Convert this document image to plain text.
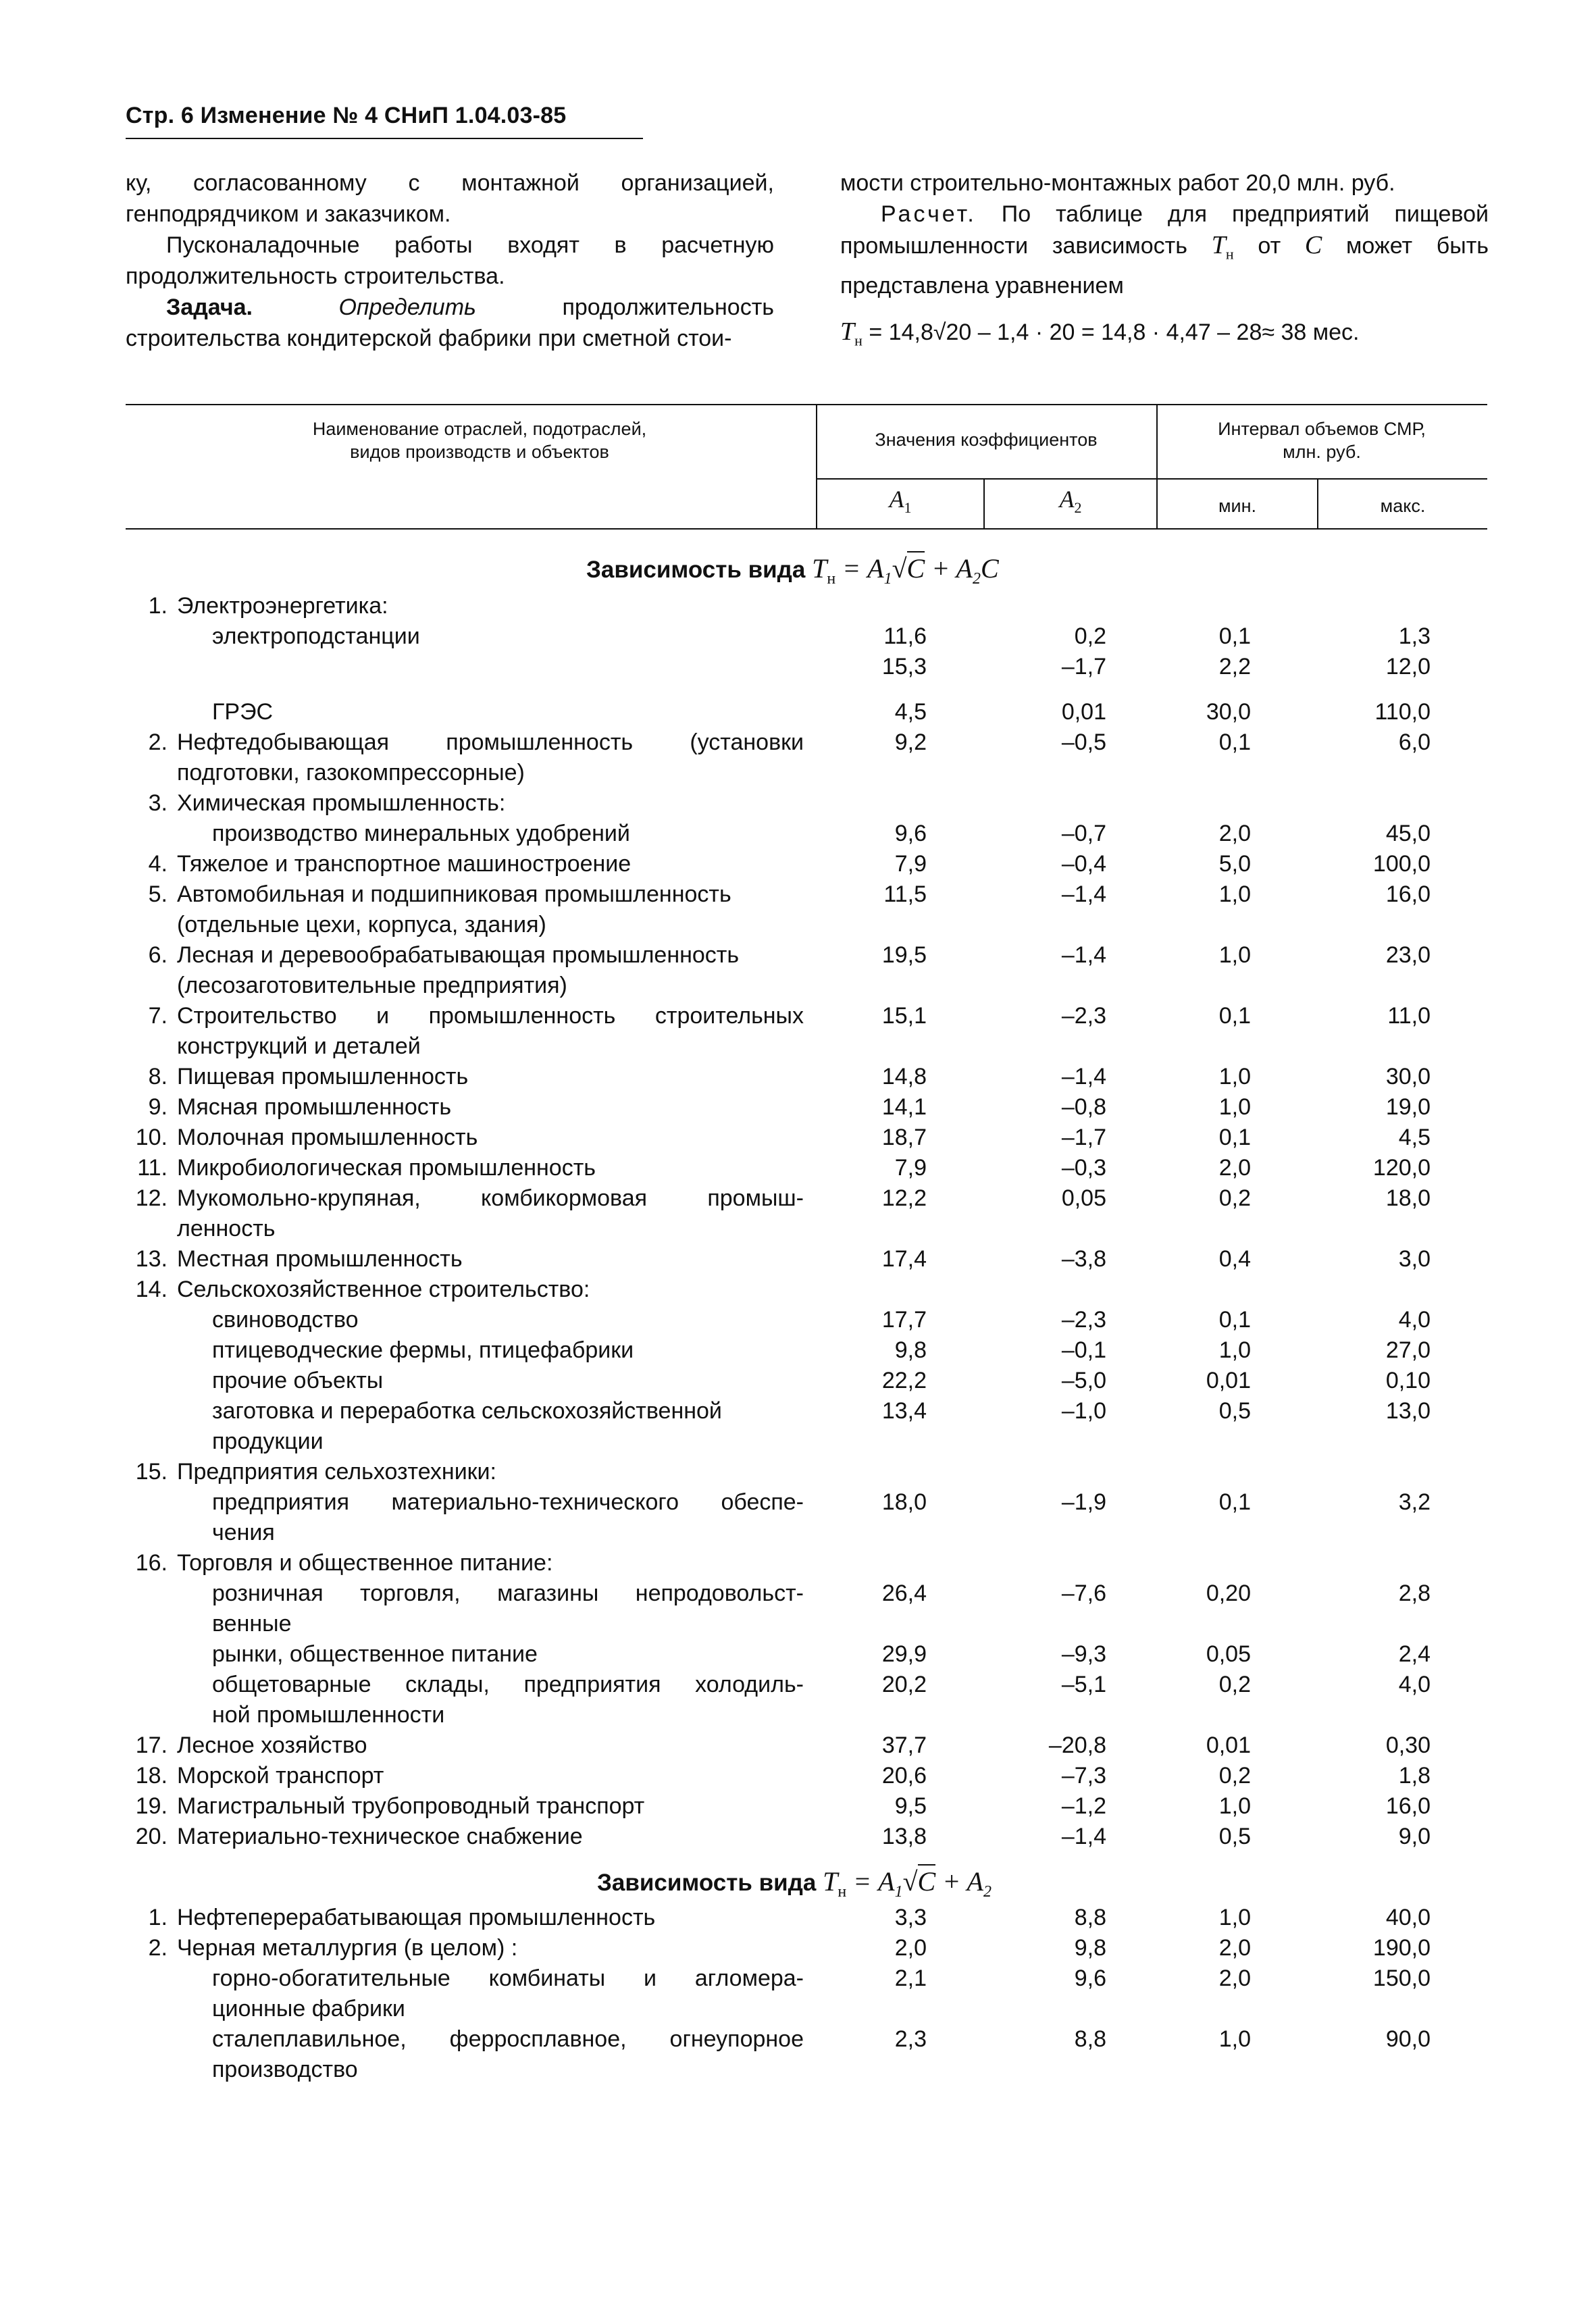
Стр. 6 Изменение № 4 СНиП 1.04.03-85

ку, согласованному с монтажной организацией, генподрядчиком и заказчиком.

Пусконаладочные работы входят в расчетную продолжительность строительства.

Задача.	Определить	продолжительность строительства кондитерской фабрики при сметной стои-

мости строительно-монтажных работ 20,0 млн. руб.

Расчет. По таблице для предприятий пищевой промышленности зависимость $T_н$ от C может быть представлена уравнением

$T_н = 14,8√20 - 1,4 \cdot 20 = 14,8 \cdot 4,47 - 28\approx 38$ мес.

Наименование отраслей, подотраслей,
видов производств и объектов
Значения коэффициентов
Интервал объемов СМР,
млн. руб.
$A_1$	$A_2$	мин.	макс.
Зависимость вида $T_н = A_1√C + A_2C$
Зависимость вида $T_н = A_1√C + A_2$
1. Электроэнергетика:
электроподстанции	11,6	0,2	0,1	1,3
15,3	–1,7	2,2	12,0
ГРЭС	4,5	0,01	30,0	110,0
2. Нефтедобывающая промышленность (установки
подготовки, газокомпрессорные)
9,2	–0,5	0,1	6,0
3. Химическая промышленность:
производство минеральных удобрений	9,6	–0,7	2,0	45,0
4. Тяжелое и транспортное машиностроение	7,9	–0,4	5,0	100,0
5. Автомобильная и подшипниковая промышленность
(отдельные цехи, корпуса, здания)
11,5	–1,4	1,0	16,0
6. Лесная и деревообрабатывающая промышленность
(лесозаготовительные предприятия)
19,5	–1,4	1,0	23,0
7. Строительство и промышленность строительных
конструкций и деталей
15,1	–2,3	0,1	11,0
8. Пищевая промышленность	14,8	–1,4	1,0	30,0
9. Мясная промышленность	14,1	–0,8	1,0	19,0
10. Молочная промышленность	18,7	–1,7	0,1	4,5
11. Микробиологическая промышленность	7,9	–0,3	2,0	120,0
12. Мукомольно-крупяная, комбикормовая промыш-
ленность
12,2	0,05	0,2	18,0
13. Местная промышленность	17,4	–3,8	0,4	3,0
14. Сельскохозяйственное строительство:
свиноводство	17,7	–2,3	0,1	4,0
птицеводческие фермы, птицефабрики	9,8	–0,1	1,0	27,0
прочие объекты	22,2	–5,0	0,01	0,10
заготовка и переработка сельскохозяйственной
продукции
13,4	–1,0	0,5	13,0
15. Предприятия сельхозтехники:
предприятия материально-технического обеспе-
чения
18,0	–1,9	0,1	3,2
16. Торговля и общественное питание:
розничная торговля, магазины непродовольст-
венные
26,4	–7,6	0,20	2,8
рынки, общественное питание	29,9	–9,3	0,05	2,4
общетоварные склады, предприятия холодиль-
ной промышленности
20,2	–5,1	0,2	4,0
17. Лесное хозяйство	37,7	–20,8	0,01	0,30
18. Морской транспорт	20,6	–7,3	0,2	1,8
19. Магистральный трубопроводный транспорт	9,5	–1,2	1,0	16,0
20. Материально-техническое снабжение	13,8	–1,4	0,5	9,0
1. Нефтеперерабатывающая промышленность	3,3	8,8	1,0	40,0
2. Черная металлургия (в целом) :	2,0	9,8	2,0	190,0
горно-обогатительные комбинаты и агломера-
ционные фабрики
2,1	9,6	2,0	150,0
сталеплавильное, ферросплавное, огнеупорное
производство
2,3	8,8	1,0	90,0
